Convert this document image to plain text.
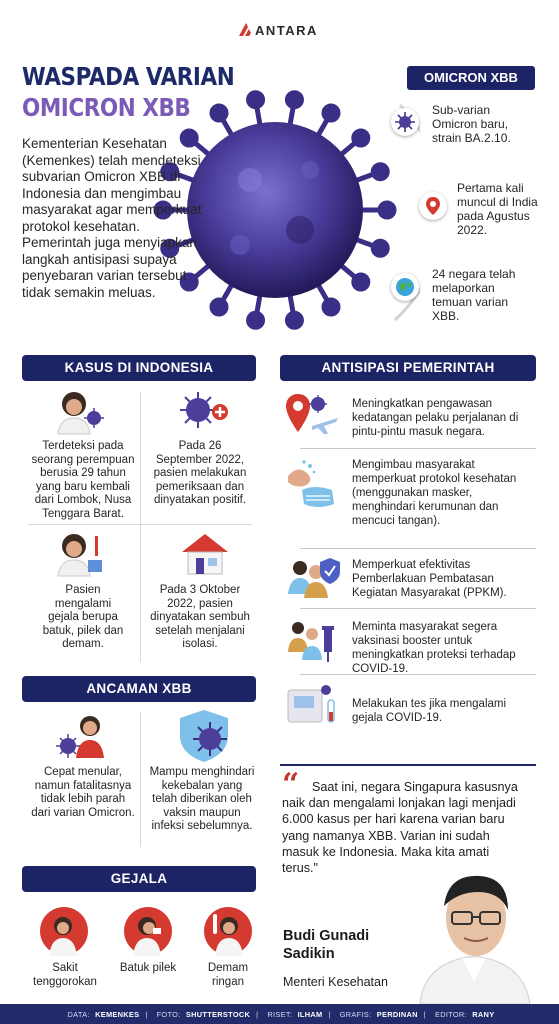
ANTARA
WASPADA VARIAN
OMICRON XBB
Kementerian Kesehatan (Kemenkes) telah mendeteksi subvarian Omicron XBB di Indonesia dan mengimbau masyarakat agar memperkuat protokol kesehatan. Pemerintah juga menyiapkan langkah antisipasi supaya penyebaran varian tersebut tidak semakin meluas.
OMICRON XBB
Sub-varian Omicron baru, strain BA.2.10.
Pertama kali muncul di India pada Agustus 2022.
24 negara telah melaporkan temuan varian XBB.
KASUS DI INDONESIA
Terdeteksi pada seorang perempuan berusia 29 tahun yang baru kembali dari Lombok, Nusa Tenggara Barat.
Pada 26 September 2022, pasien melakukan pemeriksaan dan dinyatakan positif.
Pasien mengalami gejala berupa batuk, pilek dan demam.
Pada 3 Oktober 2022, pasien dinyatakan sembuh setelah menjalani isolasi.
ANCAMAN XBB
Cepat menular, namun fatalitasnya tidak lebih parah dari varian Omicron.
Mampu menghindari kekebalan yang telah diberikan oleh vaksin maupun infeksi sebelumnya.
GEJALA
Sakit tenggorokan
Batuk pilek	Demam ringan
ANTISIPASI PEMERINTAH
Meningkatkan pengawasan kedatangan pelaku perjalanan di pintu-pintu masuk negara.
Mengimbau masyarakat memperkuat protokol kesehatan (menggunakan masker, menghindari kerumunan dan mencuci tangan).
Memperkuat efektivitas Pemberlakuan Pembatasan Kegiatan Masyarakat (PPKM).
Meminta masyarakat segera vaksinasi booster untuk meningkatkan proteksi terhadap COVID-19.
Melakukan tes jika mengalami gejala COVID-19.
“	Saat ini, negara Singapura kasusnya naik dan mengalami lonjakan lagi menjadi 6.000 kasus per hari karena varian baru yang namanya XBB. Varian ini sudah masuk ke Indonesia. Maka kita amati terus."
Budi Gunadi
Sadikin
Menteri Kesehatan
DATA: KEMENKES |	FOTO: SHUTTERSTOCK |	RISET: ILHAM |	GRAFIS: PERDINAN |	EDITOR: RANY
